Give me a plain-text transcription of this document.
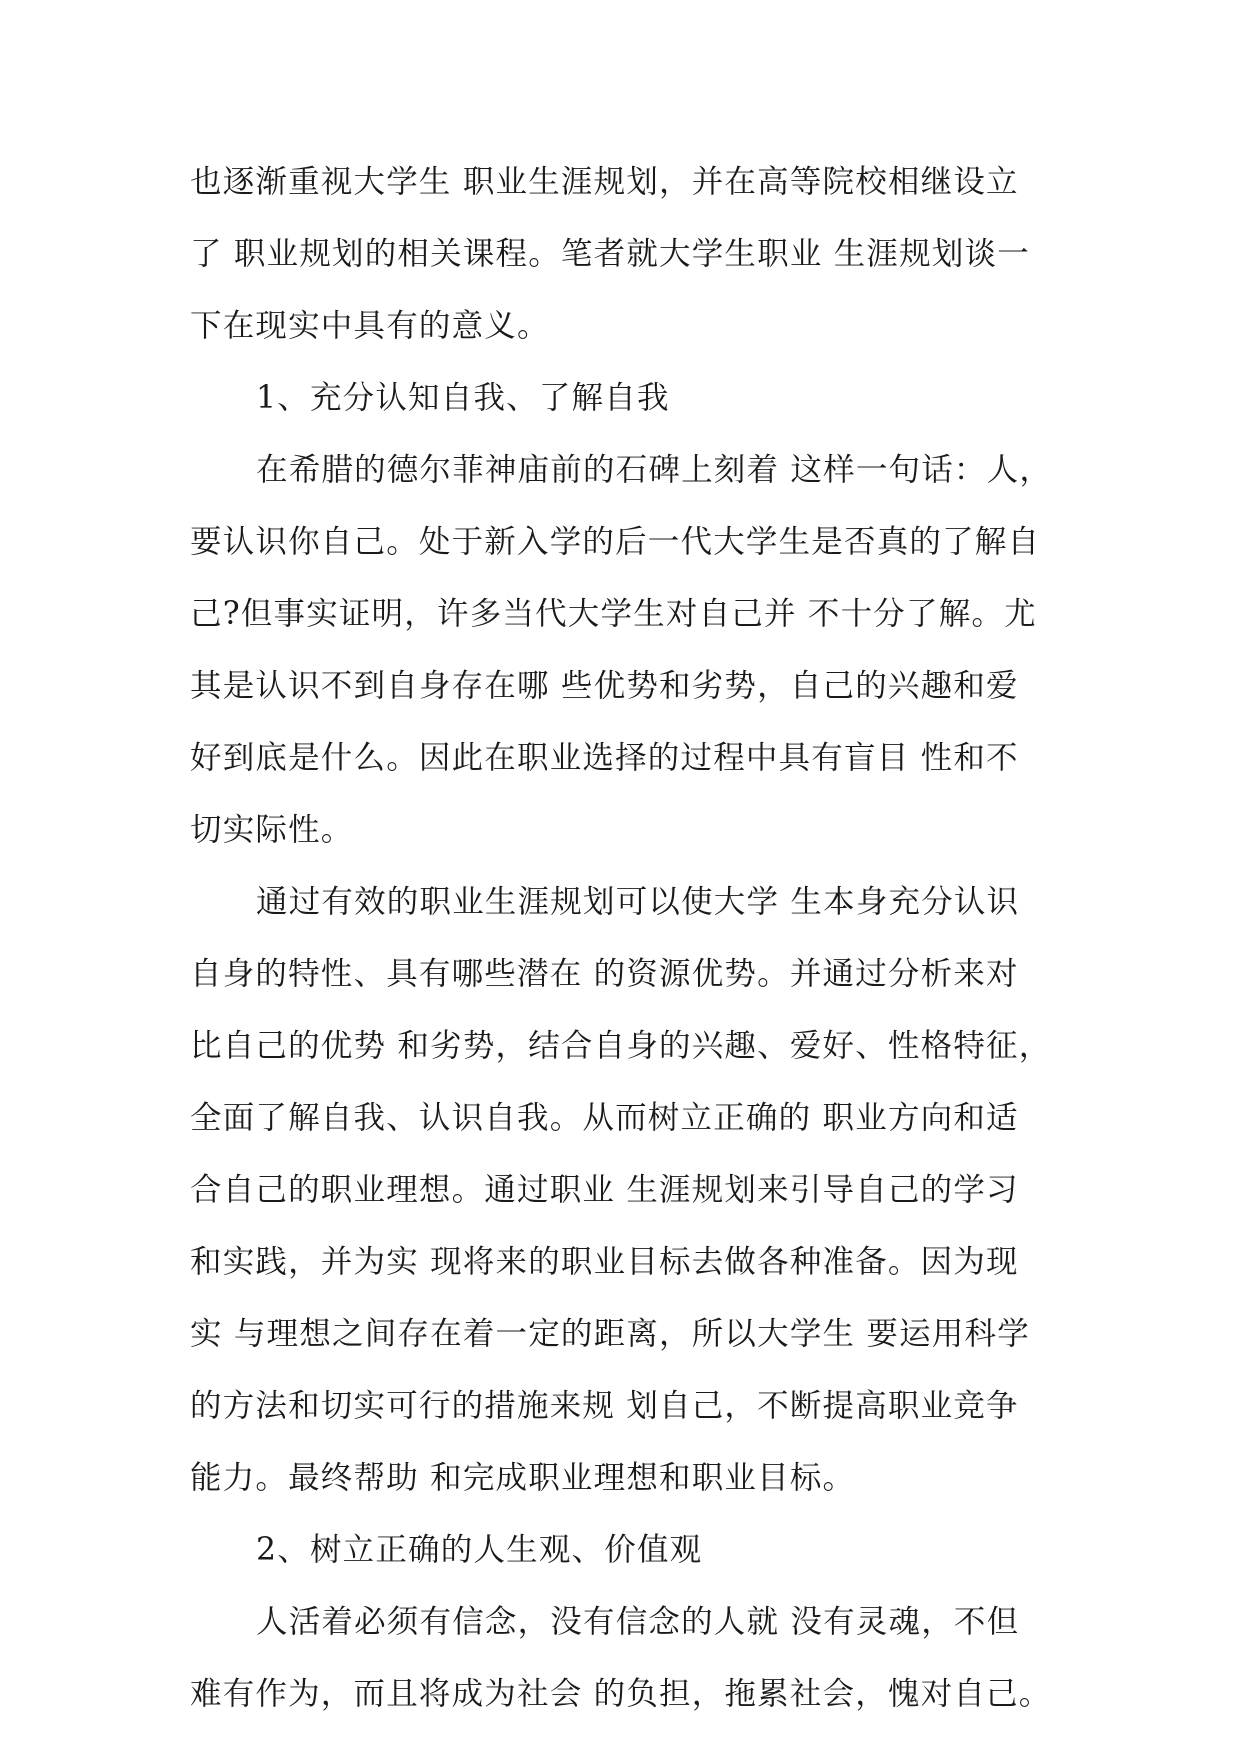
也逐渐重视大学生 职业生涯规划，并在高等院校相继设立
了 职业规划的相关课程。笔者就大学生职业 生涯规划谈一
下在现实中具有的意义。
1、充分认知自我、了解自我
在希腊的德尔菲神庙前的石碑上刻着 这样一句话：人，
要认识你自己。处于新入学的后一代大学生是否真的了解自
己?但事实证明，许多当代大学生对自己并 不十分了解。尤
其是认识不到自身存在哪 些优势和劣势，自己的兴趣和爱
好到底是什么。因此在职业选择的过程中具有盲目 性和不
切实际性。
通过有效的职业生涯规划可以使大学 生本身充分认识
自身的特性、具有哪些潜在 的资源优势。并通过分析来对
比自己的优势 和劣势，结合自身的兴趣、爱好、性格特征，
全面了解自我、认识自我。从而树立正确的 职业方向和适
合自己的职业理想。通过职业 生涯规划来引导自己的学习
和实践，并为实 现将来的职业目标去做各种准备。因为现
实 与理想之间存在着一定的距离，所以大学生 要运用科学
的方法和切实可行的措施来规 划自己，不断提高职业竞争
能力。最终帮助 和完成职业理想和职业目标。
2、树立正确的人生观、价值观
人活着必须有信念，没有信念的人就 没有灵魂，不但
难有作为，而且将成为社会 的负担，拖累社会，愧对自己。
